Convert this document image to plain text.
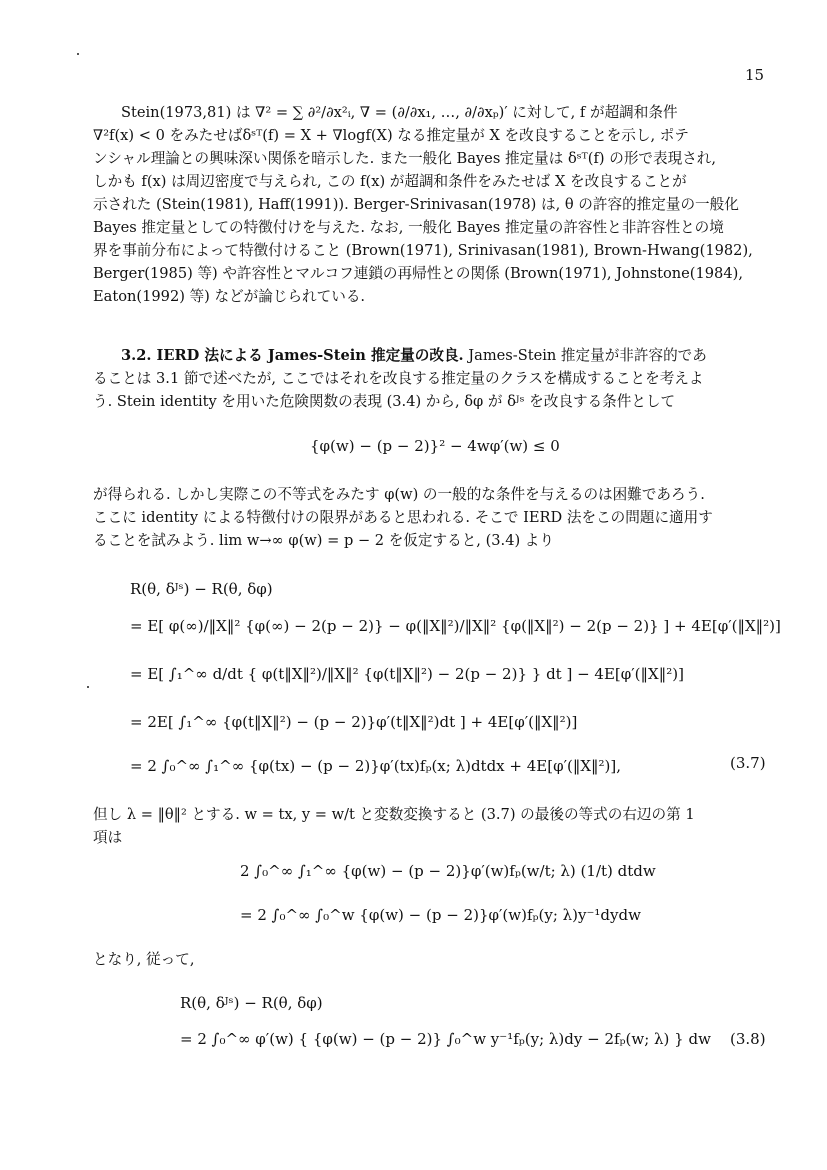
15
Stein(1973,81) は ∇² = ∑ ∂²/∂x²ᵢ, ∇ = (∂/∂x₁, …, ∂/∂xₚ)′ に対して, f が超調和条件
∇²f(x) < 0 をみたせばδˢᵀ(f) = X + ∇logf(X) なる推定量が X を改良することを示し, ポテ
ンシャル理論との興味深い関係を暗示した. また一般化 Bayes 推定量は δˢᵀ(f) の形で表現され,
しかも f(x) は周辺密度で与えられ, この f(x) が超調和条件をみたせば X を改良することが
示された (Stein(1981), Haff(1991)). Berger-Srinivasan(1978) は, θ の許容的推定量の一般化
Bayes 推定量としての特徴付けを与えた. なお, 一般化 Bayes 推定量の許容性と非許容性との境
界を事前分布によって特徴付けること (Brown(1971), Srinivasan(1981), Brown-Hwang(1982),
Berger(1985) 等) や許容性とマルコフ連鎖の再帰性との関係 (Brown(1971), Johnstone(1984),
Eaton(1992) 等) などが論じられている.
3.2. IERD 法による James-Stein 推定量の改良. James-Stein 推定量が非許容的であ
ることは 3.1 節で述べたが, ここではそれを改良する推定量のクラスを構成することを考えよ
う. Stein identity を用いた危険関数の表現 (3.4) から, δφ が δᴶˢ を改良する条件として
{φ(w) − (p − 2)}² − 4wφ′(w) ≤ 0
が得られる. しかし実際この不等式をみたす φ(w) の一般的な条件を与えるのは困難であろう.
ここに identity による特徴付けの限界があると思われる. そこで IERD 法をこの問題に適用す
ることを試みよう. lim w→∞ φ(w) = p − 2 を仮定すると, (3.4) より
R(θ, δᴶˢ) − R(θ, δφ)
= E[ φ(∞)/‖X‖² {φ(∞) − 2(p − 2)} − φ(‖X‖²)/‖X‖² {φ(‖X‖²) − 2(p − 2)} ] + 4E[φ′(‖X‖²)]
= E[ ∫₁^∞ d/dt { φ(t‖X‖²)/‖X‖² {φ(t‖X‖²) − 2(p − 2)} } dt ] − 4E[φ′(‖X‖²)]
= 2E[ ∫₁^∞ {φ(t‖X‖²) − (p − 2)}φ′(t‖X‖²)dt ] + 4E[φ′(‖X‖²)]
= 2 ∫₀^∞ ∫₁^∞ {φ(tx) − (p − 2)}φ′(tx)fₚ(x; λ)dtdx + 4E[φ′(‖X‖²)],	(3.7)
但し λ = ‖θ‖² とする. w = tx, y = w/t と変数変換すると (3.7) の最後の等式の右辺の第 1
項は
2 ∫₀^∞ ∫₁^∞ {φ(w) − (p − 2)}φ′(w)fₚ(w/t; λ) (1/t) dtdw
= 2 ∫₀^∞ ∫₀^w {φ(w) − (p − 2)}φ′(w)fₚ(y; λ)y⁻¹dydw
となり, 従って,
R(θ, δᴶˢ) − R(θ, δφ)
= 2 ∫₀^∞ φ′(w) { {φ(w) − (p − 2)} ∫₀^w y⁻¹fₚ(y; λ)dy − 2fₚ(w; λ) } dw (3.8)
